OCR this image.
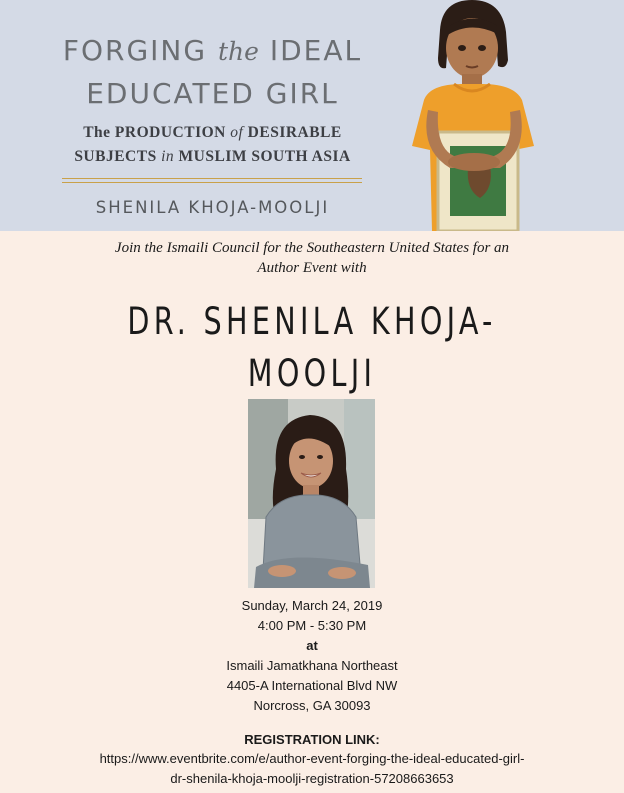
FORGING the IDEAL
EDUCATED GIRL
The PRODUCTION of DESIRABLE
SUBJECTS in MUSLIM SOUTH ASIA
SHENILA KHOJA-MOOLJI
Join the Ismaili Council for the Southeastern United States for an
Author Event with
DR. SHENILA KHOJA-
MOOLJI
Sunday, March 24, 2019
4:00 PM - 5:30 PM
at
Ismaili Jamatkhana Northeast
4405-A International Blvd NW
Norcross, GA 30093
REGISTRATION LINK:
https://www.eventbrite.com/e/author-event-forging-the-ideal-educated-girl-
dr-shenila-khoja-moolji-registration-57208663653
